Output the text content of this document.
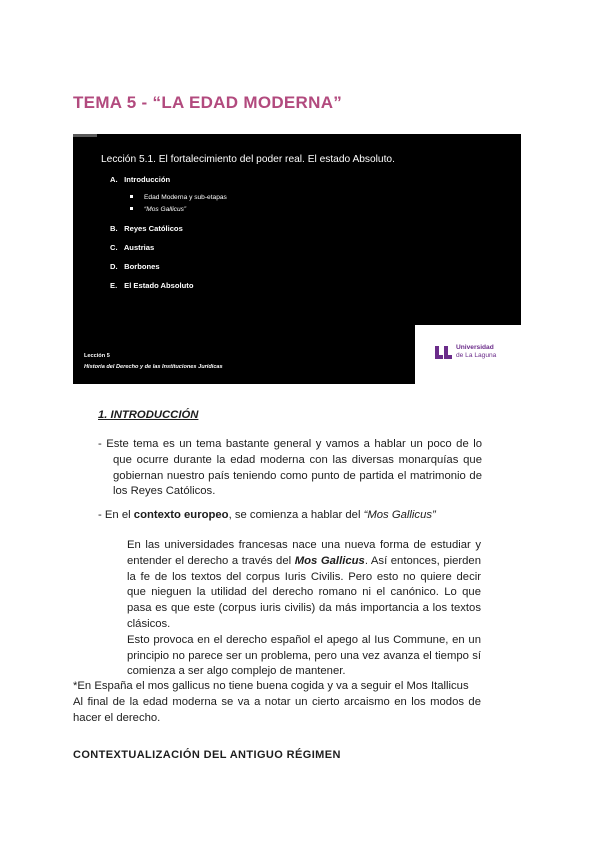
TEMA 5 - “LA EDAD MODERNA”

Lección 5.1. El fortalecimiento del poder real. El estado Absoluto.

A. Introducción
Edad Moderna y sub-etapas
“Mos Gallicus”
B. Reyes Católicos
C. Austrias
D. Borbones
E. El Estado Absoluto
Lección 5
Historia del Derecho y de las Instituciones Jurídicas
Universidad
de La Laguna
1. INTRODUCCIÓN

- Este tema es un tema bastante general y vamos a hablar un poco de lo que ocurre durante la edad moderna con las diversas monarquías que gobiernan nuestro país teniendo como punto de partida el matrimonio de los Reyes Católicos.

- En el contexto europeo, se comienza a hablar del “Mos Gallicus”

En las universidades francesas nace una nueva forma de estudiar y entender el derecho a través del Mos Gallicus. Así entonces, pierden la fe de los textos del corpus Iuris Civilis. Pero esto no quiere decir que nieguen la utilidad del derecho romano ni el canónico. Lo que pasa es que este (corpus iuris civilis) da más importancia a los textos clásicos.
Esto provoca en el derecho español el apego al Ius Commune, en un principio no parece ser un problema, pero una vez avanza el tiempo sí comienza a ser algo complejo de mantener.

*En España el mos gallicus no tiene buena cogida y va a seguir el Mos Itallicus
Al final de la edad moderna se va a notar un cierto arcaismo en los modos de hacer el derecho.

CONTEXTUALIZACIÓN DEL ANTIGUO RÉGIMEN
